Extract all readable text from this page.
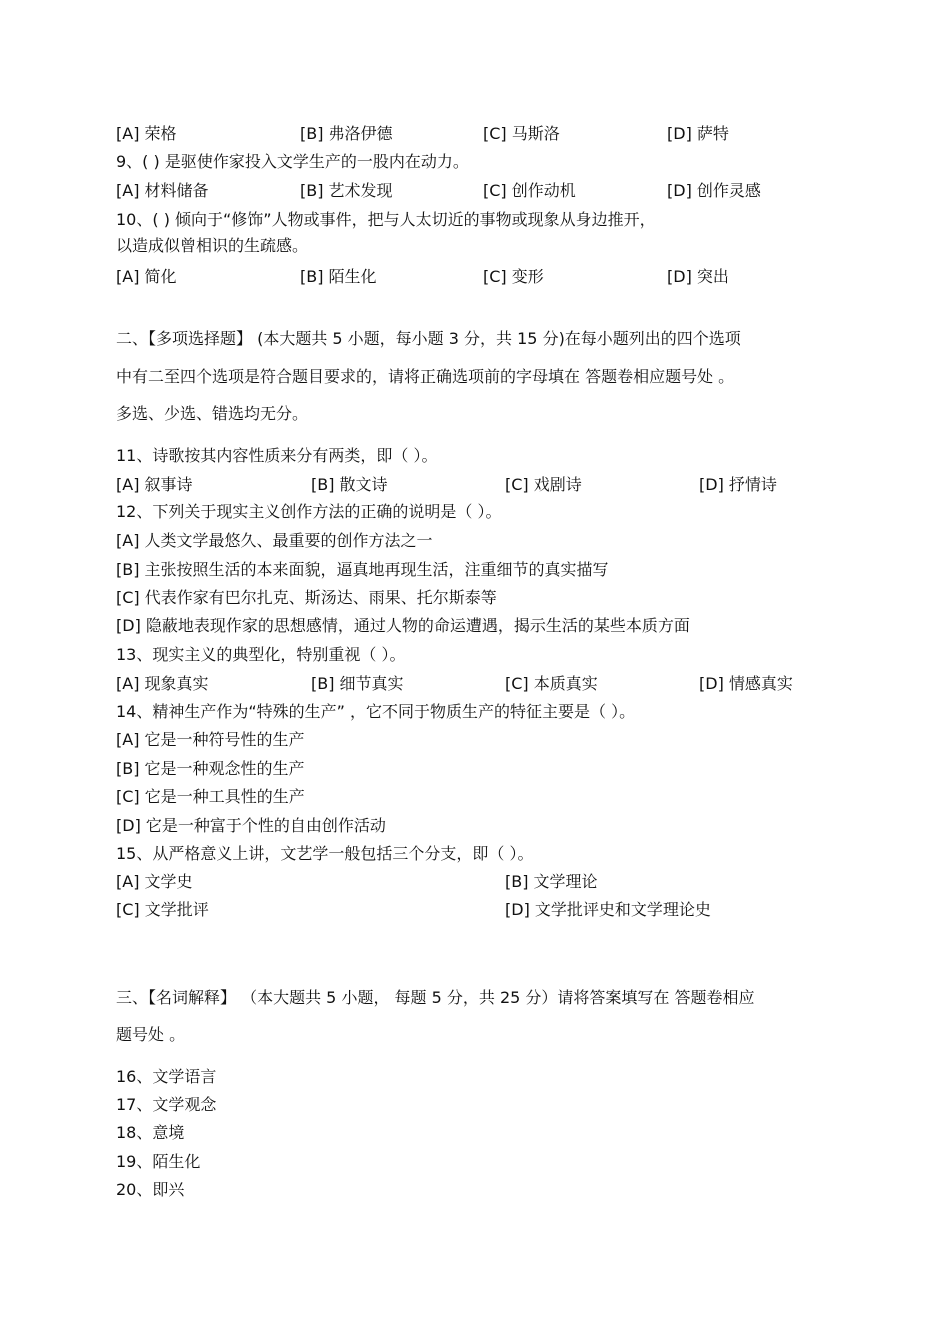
[A] 荣格	[B] 弗洛伊德	[C] 马斯洛	[D] 萨特
9、( ) 是驱使作家投入文学生产的一股内在动力。
[A] 材料储备	[B] 艺术发现	[C] 创作动机	[D] 创作灵感
10、( ) 倾向于“修饰”人物或事件，把与人太切近的事物或现象从身边推开，
以造成似曾相识的生疏感。
[A] 简化	[B] 陌生化	[C] 变形	[D] 突出
二、【多项选择题】 (本大题共 5 小题，每小题 3 分，共 15 分)在每小题列出的四个选项
中有二至四个选项是符合题目要求的，请将正确选项前的字母填在 答题卷相应题号处 。
多选、少选、错选均无分。
11、诗歌按其内容性质来分有两类，即（ ）。
[A] 叙事诗	[B] 散文诗	[C] 戏剧诗	[D] 抒情诗
12、下列关于现实主义创作方法的正确的说明是（ ）。
[A] 人类文学最悠久、最重要的创作方法之一
[B] 主张按照生活的本来面貌，逼真地再现生活，注重细节的真实描写
[C] 代表作家有巴尔扎克、斯汤达、雨果、托尔斯泰等
[D] 隐蔽地表现作家的思想感情，通过人物的命运遭遇，揭示生活的某些本质方面
13、现实主义的典型化，特别重视（ ）。
[A] 现象真实	[B] 细节真实	[C] 本质真实	[D] 情感真实
14、精神生产作为“特殊的生产” ，它不同于物质生产的特征主要是（ ）。
[A] 它是一种符号性的生产
[B] 它是一种观念性的生产
[C] 它是一种工具性的生产
[D] 它是一种富于个性的自由创作活动
15、从严格意义上讲，文艺学一般包括三个分支，即（ ）。
[A] 文学史	[B] 文学理论
[C] 文学批评	[D] 文学批评史和文学理论史
三、【名词解释】 （本大题共 5 小题， 每题 5 分，共 25 分）请将答案填写在 答题卷相应
题号处 。
16、文学语言
17、文学观念
18、意境
19、陌生化
20、即兴
